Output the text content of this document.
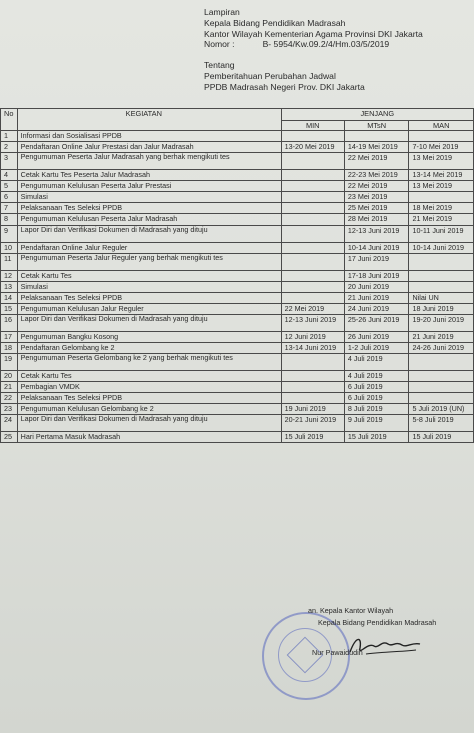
Lampiran
Kepala Bidang Pendidikan Madrasah
Kantor Wilayah Kementerian Agama Provinsi DKI Jakarta
Nomor :	B- 5954/Kw.09.2/4/Hm.03/5/2019
Tentang
Pemberitahuan Perubahan Jadwal
PPDB Madrasah Negeri Prov. DKI Jakarta
No	KEGIATAN	JENJANG		
		MIN	MTsN	MAN
1	Informasi dan Sosialisasi PPDB			
2	Pendaftaran Online Jalur Prestasi dan Jalur Madrasah	13-20 Mei 2019	14-19 Mei 2019	7-10 Mei 2019
3	Pengumuman Peserta Jalur Madrasah yang berhak mengikuti tes		22 Mei 2019	13 Mei 2019
4	Cetak Kartu Tes Peserta Jalur Madrasah		22-23 Mei 2019	13-14 Mei 2019
5	Pengumuman Kelulusan Peserta Jalur Prestasi		22 Mei 2019	13 Mei 2019
6	Simulasi		23 Mei 2019	
7	Pelaksanaan Tes Seleksi PPDB		25 Mei 2019	18 Mei 2019
8	Pengumuman Kelulusan Peserta Jalur Madrasah		28 Mei 2019	21 Mei 2019
9	Lapor Diri dan Verifikasi Dokumen di Madrasah yang dituju		12-13 Juni 2019	10-11 Juni 2019
10	Pendaftaran Online Jalur Reguler		10-14 Juni 2019	10-14 Juni 2019
11	Pengumuman Peserta Jalur Reguler yang berhak mengikuti tes		17 Juni 2019	
12	Cetak Kartu Tes		17-18 Juni 2019	
13	Simulasi		20 Juni 2019	
14	Pelaksanaan Tes Seleksi PPDB		21 Juni 2019	Nilai UN
15	Pengumuman Kelulusan Jalur Reguler	22 Mei 2019	24 Juni 2019	18 Juni 2019
16	Lapor Diri dan Verifikasi Dokumen di Madrasah yang dituju	12-13 Juni 2019	25-26 Juni 2019	19-20 Juni 2019
17	Pengumuman Bangku Kosong	12 Juni 2019	26 Juni 2019	21 Juni 2019
18	Pendaftaran Gelombang ke 2	13-14 Juni 2019	1-2 Juli 2019	24-26 Juni 2019
19	Pengumuman Peserta Gelombang ke 2 yang berhak mengikuti tes		4 Juli 2019	
20	Cetak Kartu Tes		4 Juli 2019	
21	Pembagian VMDK		6 Juli 2019	
22	Pelaksanaan Tes Seleksi PPDB		6 Juli 2019	
23	Pengumuman Kelulusan Gelombang ke 2	19 Juni 2019	8 Juli 2019	5 Juli 2019 (UN)
24	Lapor Diri dan Verifikasi Dokumen di Madrasah yang dituju	20-21 Juni 2019	9 Juli 2019	5-8 Juli 2019
25	Hari Pertama Masuk Madrasah	15 Juli 2019	15 Juli 2019	15 Juli 2019
an. Kepala Kantor Wilayah
Kepala Bidang Pendidikan Madrasah
Nur Pawaidudin
